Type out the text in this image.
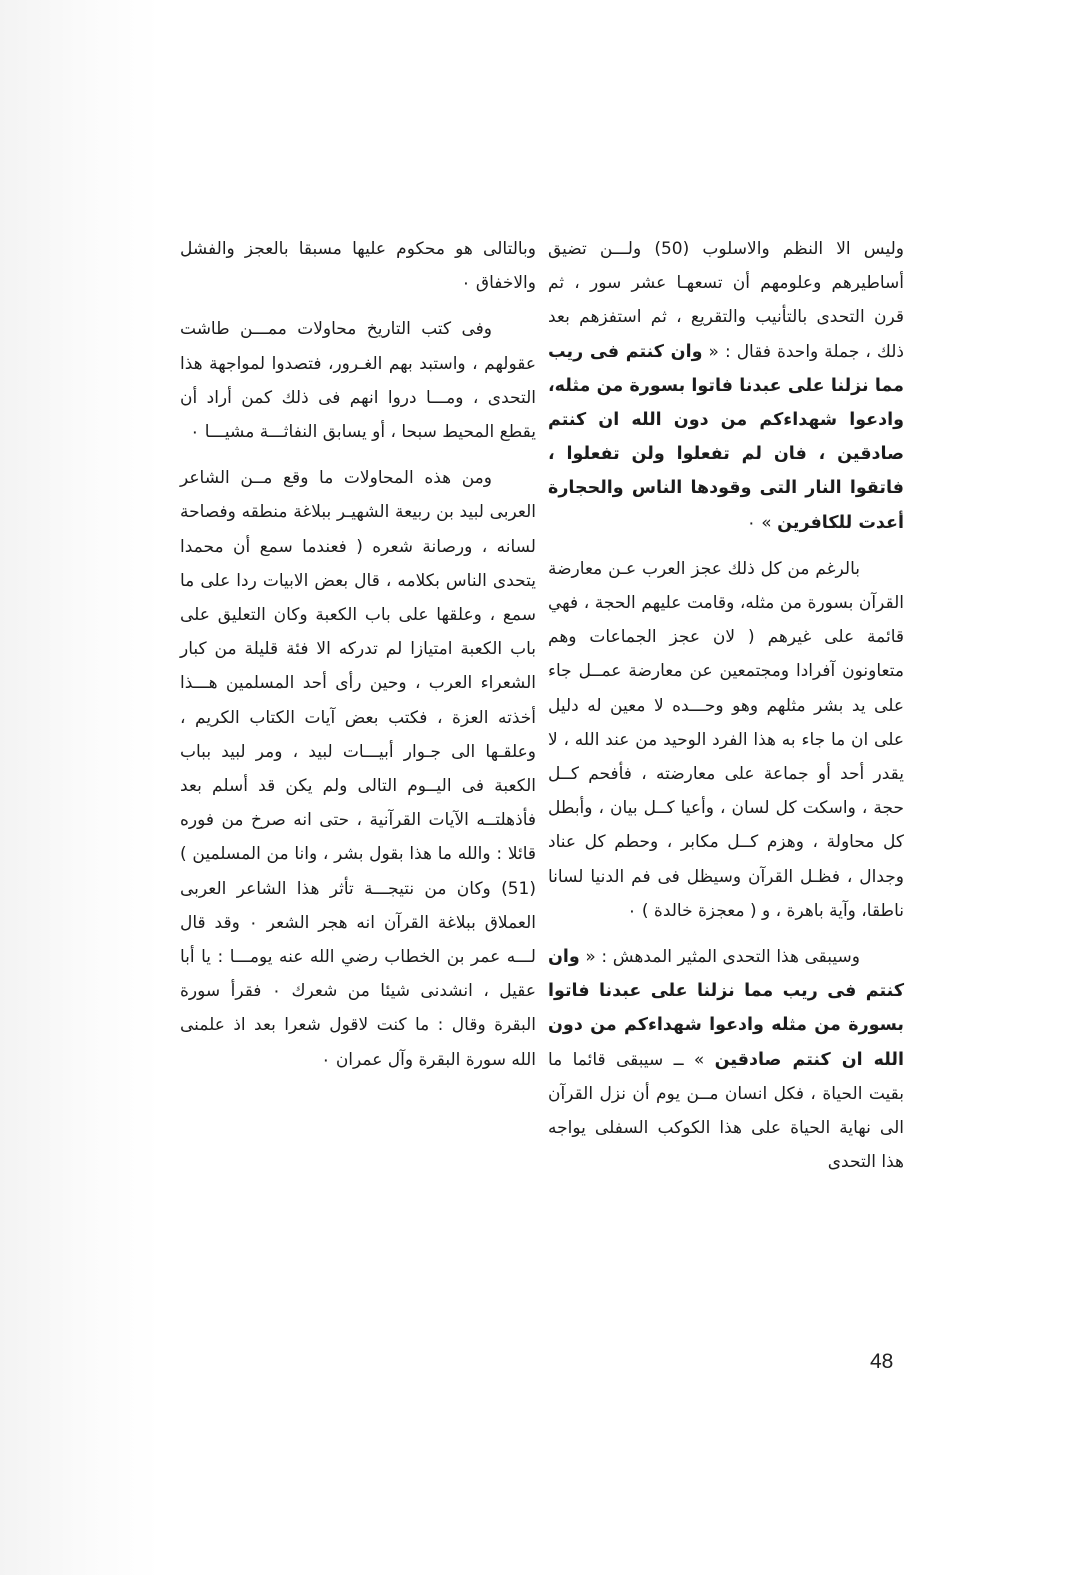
وليس الا النظم والاسلوب (50) ولـــن تضيق أساطيرهم وعلومهم أن تسعهـا عشر سور ، ثم قرن التحدى بالتأنيب والتقريع ، ثم استفزهم بعد ذلك ، جملة واحدة فقال : « وان كنتم فى ريب مما نزلنا على عبدنا فاتوا بسورة من مثله، وادعوا شهداءكم من دون الله ان كنتم صادقين ، فان لم تفعلوا ولن تفعلوا ، فاتقوا النار التى وقودها الناس والحجارة أعدت للكافرين » ٠

بالرغم من كل ذلك عجز العرب عـن معارضة القرآن بسورة من مثله، وقامت عليهم الحجة ، فهي قائمة على غيرهم ( لان عجز الجماعات وهم متعاونون آفرادا ومجتمعين عن معارضة عمــل جاء على يد بشر مثلهم وهو وحـــده لا معين له دليل على ان ما جاء به هذا الفرد الوحيد من عند الله ، لا يقدر أحد أو جماعة على معارضته ، فأفحم كــل حجة ، واسكت كل لسان ، وأعيا كــل بيان ، وأبطل كل محاولة ، وهزم كــل مكابر ، وحطم كل عناد وجدال ، فظـل القرآن وسيظل فى فم الدنيا لسانا ناطقا، وآية باهرة ، و ( معجزة خالدة ) ٠

وسيبقى هذا التحدى المثير المدهش : « وان كنتم فى ريب مما نزلنا على عبدنا فاتوا بسورة من مثله وادعوا شهداءكم من دون الله ان كنتم صادقين » ــ سيبقى قائما ما بقيت الحياة ، فكل انسان مــن يوم أن نزل القرآن الى نهاية الحياة على هذا الكوكب السفلى يواجه هذا التحدى

وبالتالى هو محكوم عليها مسبقا بالعجز والفشل والاخفاق ٠

وفى كتب التاريخ محاولات ممـــن طاشت عقولهم ، واستبد بهم الغـرور، فتصدوا لمواجهة هذا التحدى ، ومـــا دروا انهم فى ذلك كمن أراد أن يقطع المحيط سبحا ، أو يسابق النفاثـــة مشيـــا ٠

ومن هذه المحاولات ما وقع مــن الشاعر العربى لبيد بن ربيعة الشهيـر ببلاغة منطقه وفصاحة لسانه ، ورصانة شعره ( فعندما سمع أن محمدا يتحدى الناس بكلامه ، قال بعض الابيات ردا على ما سمع ، وعلقها على باب الكعبة وكان التعليق على باب الكعبة امتيازا لم تدركه الا فئة قليلة من كبار الشعراء العرب ، وحين رأى أحد المسلمين هـــذا أخذته العزة ، فكتب بعض آيات الكتاب الكريم ، وعلقـها الى جـوار أبيـــات لبيد ، ومر لبيد بباب الكعبة فى اليــوم التالى ولم يكن قد أسلم بعد فأذهلتــه الآيات القرآنية ، حتى انه صرخ من فوره قائلا : والله ما هذا بقول بشر ، وانا من المسلمين ) (51) وكان من نتيجـــة تأثر هذا الشاعر العربى العملاق ببلاغة القرآن انه هجر الشعر ٠ وقد قال لـــه عمر بن الخطاب رضي الله عنه يومـــا : يا أبا عقيل ، انشدنى شيئا من شعرك ٠ فقرأ سورة البقرة وقال : ما كنت لاقول شعرا بعد اذ علمنى الله سورة البقرة وآل عمران ٠

48
